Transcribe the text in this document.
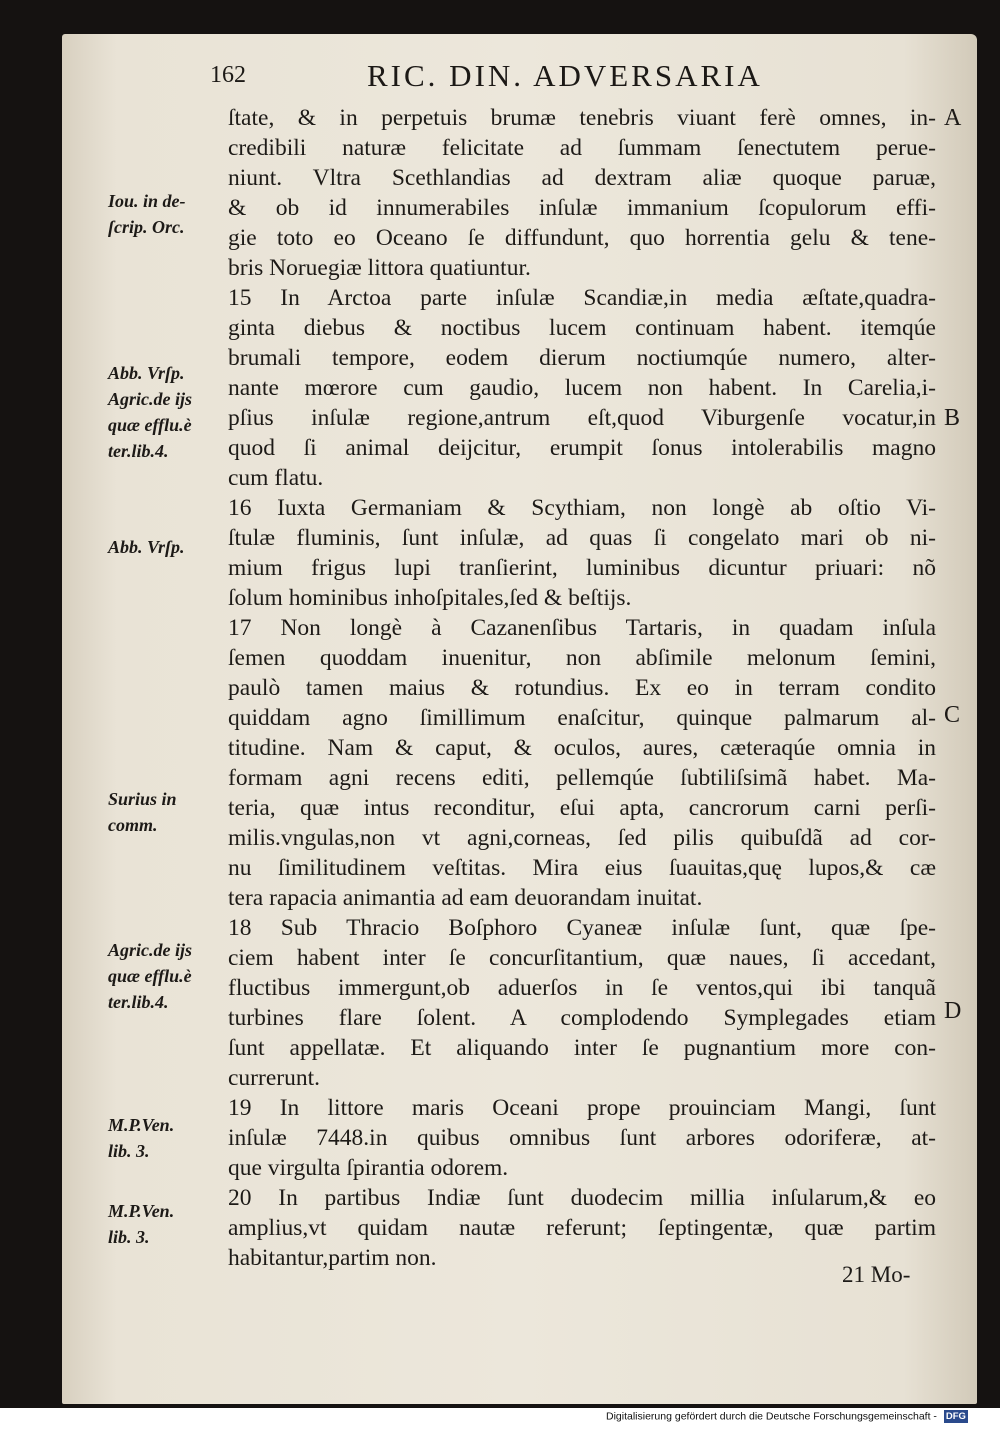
162	RIC. DIN. ADVERSARIA
ſtate, & in perpetuis brumæ tenebris viuant ferè omnes, in-
credibili naturæ felicitate ad ſummam ſenectutem perue-
niunt. Vltra Scethlandias ad dextram aliæ quoque paruæ,
& ob id innumerabiles inſulæ immanium ſcopulorum effi-
gie toto eo Oceano ſe diffundunt, quo horrentia gelu & tene-
bris Noruegiæ littora quatiuntur.
15 In Arctoa parte inſulæ Scandiæ,in media æſtate,quadra-
ginta diebus & noctibus lucem continuam habent. itemqúe
brumali tempore, eodem dierum noctiumqúe numero, alter-
nante mœrore cum gaudio, lucem non habent. In Carelia,i-
pſius inſulæ regione,antrum eſt,quod Viburgenſe vocatur,in
quod ſi animal deijcitur, erumpit ſonus intolerabilis magno
cum flatu.
16 Iuxta Germaniam & Scythiam, non longè ab oſtio Vi-
ſtulæ fluminis, ſunt inſulæ, ad quas ſi congelato mari ob ni-
mium frigus lupi tranſierint, luminibus dicuntur priuari: nõ
ſolum hominibus inhoſpitales,ſed & beſtijs.
17 Non longè à Cazanenſibus Tartaris, in quadam inſula
ſemen quoddam inuenitur, non abſimile melonum ſemini,
paulò tamen maius & rotundius. Ex eo in terram condito
quiddam agno ſimillimum enaſcitur, quinque palmarum al-
titudine. Nam & caput, & oculos, aures, cæteraqúe omnia in
formam agni recens editi, pellemqúe ſubtiliſsimã habet. Ma-
teria, quæ intus reconditur, eſui apta, cancrorum carni perſi-
milis.vngulas,non vt agni,corneas, ſed pilis quibuſdã ad cor-
nu ſimilitudinem veſtitas. Mira eius ſuauitas,quę lupos,& cæ
tera rapacia animantia ad eam deuorandam inuitat.
18 Sub Thracio Boſphoro Cyaneæ inſulæ ſunt, quæ ſpe-
ciem habent inter ſe concurſitantium, quæ naues, ſi accedant,
fluctibus immergunt,ob aduerſos in ſe ventos,qui ibi tanquã
turbines flare ſolent. A complodendo Symplegades etiam
ſunt appellatæ. Et aliquando inter ſe pugnantium more con-
currerunt.
19 In littore maris Oceani prope prouinciam Mangi, ſunt
inſulæ 7448.in quibus omnibus ſunt arbores odoriferæ, at-
que virgulta ſpirantia odorem.
20 In partibus Indiæ ſunt duodecim millia inſularum,& eo
amplius,vt quidam nautæ referunt; ſeptingentæ, quæ partim
habitantur,partim non.
Iou. in de-
ſcrip. Orc.
Abb. Vrſp.
Agric.de ijs
quæ efflu.è
ter.lib.4.
Abb. Vrſp.
Surius in
comm.
Agric.de ijs
quæ efflu.è
ter.lib.4.
M.P.Ven.
lib. 3.
M.P.Ven.
lib. 3.
A
B
C
D
21 Mo-
Digitalisierung gefördert durch die Deutsche Forschungsgemeinschaft - DFG
